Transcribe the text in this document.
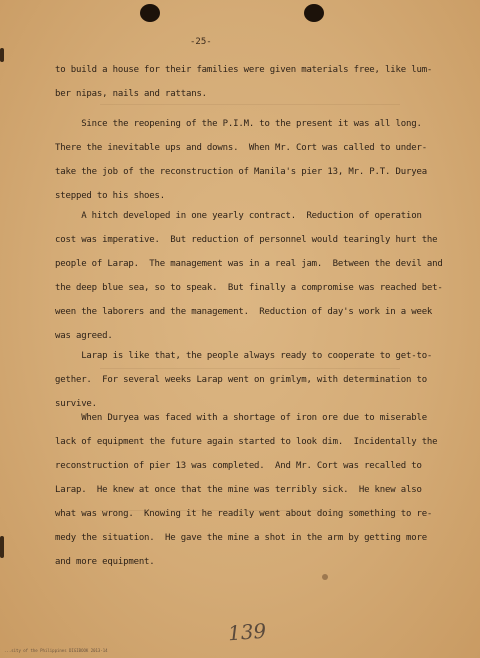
-25-
to build a house for their families were given materials free, like lum-
ber nipas, nails and rattans.
Since the reopening of the P.I.M. to the present it was all long.
There the inevitable ups and downs.  When Mr. Cort was called to under-
take the job of the reconstruction of Manila's pier 13, Mr. P.T. Duryea
stepped to his shoes.
A hitch developed in one yearly contract.  Reduction of operation
cost was imperative.  But reduction of personnel would tearingly hurt the
people of Larap.  The management was in a real jam.  Between the devil and
the deep blue sea, so to speak.  But finally a compromise was reached bet-
ween the laborers and the management.  Reduction of day's work in a week
was agreed.
Larap is like that, the people always ready to cooperate to get-to-
gether.  For several weeks Larap went on grimlym, with determination to
survive.
When Duryea was faced with a shortage of iron ore due to miserable
lack of equipment the future again started to look dim.  Incidentally the
reconstruction of pier 13 was completed.  And Mr. Cort was recalled to
Larap.  He knew at once that the mine was terribly sick.  He knew also
what was wrong.  Knowing it he readily went about doing something to re-
medy the situation.  He gave the mine a shot in the arm by getting more
and more equipment.
139
...sity of the Philippines DIGIBOOK 2013-14
